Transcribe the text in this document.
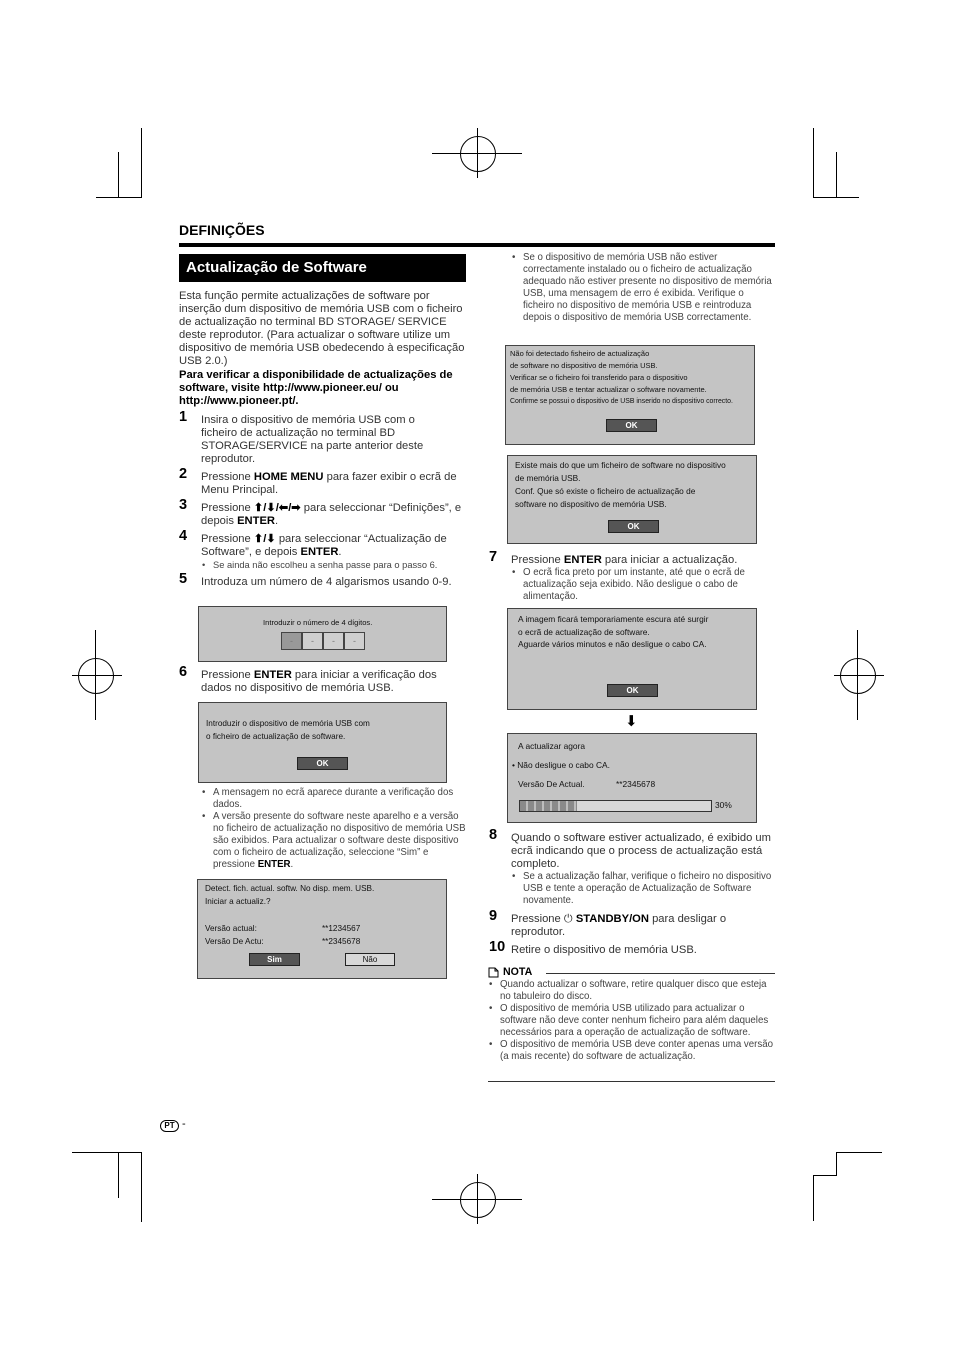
DEFINIÇÕES
Actualização de Software
Esta função permite actualizações de software por inserção dum dispositivo de memória USB com o ficheiro de actualização no terminal BD STORAGE/ SERVICE deste reprodutor. (Para actualizar o software utilize um dispositivo de memória USB obedecendo à especificação USB 2.0.)
Para verificar a disponibilidade de actualizações de software, visite http://www.pioneer.eu/ ou http://www.pioneer.pt/.
1 Insira o dispositivo de memória USB com o ficheiro de actualização no terminal BD STORAGE/SERVICE na parte anterior deste reprodutor.
2 Pressione HOME MENU para fazer exibir o ecrã de Menu Principal.
3 Pressione ⬆/⬇/⬅/➡ para seleccionar “Definições”, e depois ENTER.
4 Pressione ⬆/⬇ para seleccionar “Actualização de Software”, e depois ENTER.
• Se ainda não escolheu a senha passe para o passo 6.
5 Introduza um número de 4 algarismos usando 0-9.
Introduzir o número de 4 dígitos.
-	-	-	-
6 Pressione ENTER para iniciar a verificação dos dados no dispositivo de memória USB.
Introduzir o dispositivo de memória USB com
o ficheiro de actualização de software.
OK
• A mensagem no ecrã aparece durante a verificação dos dados.
• A versão presente do software neste aparelho e a versão no ficheiro de actualização no dispositivo de memória USB são exibidos. Para actualizar o software deste dispositivo com o ficheiro de actualização, seleccione “Sim” e pressione ENTER.
Detect. fich. actual. softw. No disp. mem. USB.
Iniciar a actualiz.?
Versão actual:	**1234567
Versão De Actu:	**2345678
Sim	Não
• Se o dispositivo de memória USB não estiver correctamente instalado ou o ficheiro de actualização adequado não estiver presente no dispositivo de memória USB, uma mensagem de erro é exibida. Verifique o ficheiro no dispositivo de memória USB e reintroduza depois o dispositivo de memória USB correctamente.
Não foi detectado fisheiro de actualização
de software no dispositivo de memória USB.
Verificar se o ficheiro foi transferido para o dispositivo
de memória USB e tentar actualizar o software novamente.
Confirme se possui o dispositivo de USB inserido no dispositivo correcto.
OK
Existe mais do que um ficheiro de software no dispositivo
de memória USB.
Conf. Que só existe o ficheiro de actualização de
software no dispositivo de memória USB.
OK
7 Pressione ENTER para iniciar a actualização.
• O ecrã fica preto por um instante, até que o ecrã de actualização seja exibido. Não desligue o cabo de alimentação.
A imagem ficará temporariamente escura até surgir
o ecrã de actualização de software.
Aguarde vários minutos e não desligue o cabo CA.
OK
⬇
A actualizar agora
• Não desligue o cabo CA.
Versão De Actual.	**2345678
30%
8 Quando o software estiver actualizado, é exibido um ecrã indicando que o process de actualização está completo.
• Se a actualização falhar, verifique o ficheiro no dispositivo USB e tente a operação de Actualização de Software novamente.
9 Pressione ⏻ STANDBY/ON para desligar o reprodutor.
10 Retire o dispositivo de memória USB.
NOTA
• Quando actualizar o software, retire qualquer disco que esteja no tabuleiro do disco.
• O dispositivo de memória USB utilizado para actualizar o software não deve conter nenhum ficheiro para além daqueles necessários para a operação de actualização de software.
• O dispositivo de memória USB deve conter apenas uma versão (a mais recente) do software de actualização.
PT -
